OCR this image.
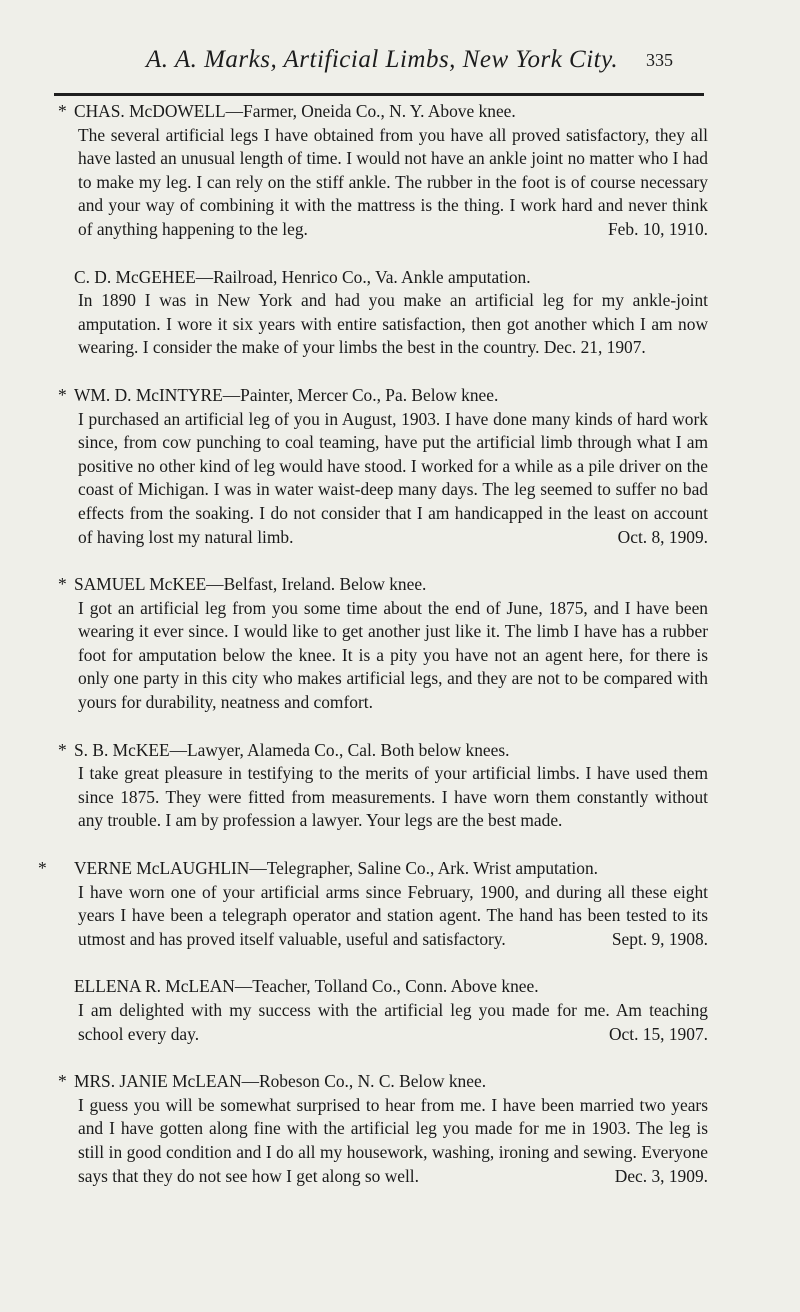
A. A. Marks, Artificial Limbs, New York City. 335
* CHAS. McDOWELL—Farmer, Oneida Co., N. Y. Above knee.
The several artificial legs I have obtained from you have all proved satisfactory, they all have lasted an unusual length of time. I would not have an ankle joint no matter who I had to make my leg. I can rely on the stiff ankle. The rubber in the foot is of course necessary and your way of combining it with the mattress is the thing. I work hard and never think of anything happening to the leg.	Feb. 10, 1910.
C. D. McGEHEE—Railroad, Henrico Co., Va. Ankle amputation.
In 1890 I was in New York and had you make an artificial leg for my ankle-joint amputation. I wore it six years with entire satisfaction, then got another which I am now wearing. I consider the make of your limbs the best in the country. Dec. 21, 1907.
* WM. D. McINTYRE—Painter, Mercer Co., Pa. Below knee.
I purchased an artificial leg of you in August, 1903. I have done many kinds of hard work since, from cow punching to coal teaming, have put the artificial limb through what I am positive no other kind of leg would have stood. I worked for a while as a pile driver on the coast of Michigan. I was in water waist-deep many days. The leg seemed to suffer no bad effects from the soaking. I do not consider that I am handicapped in the least on account of having lost my natural limb.	Oct. 8, 1909.
* SAMUEL McKEE—Belfast, Ireland. Below knee.
I got an artificial leg from you some time about the end of June, 1875, and I have been wearing it ever since. I would like to get another just like it. The limb I have has a rubber foot for amputation below the knee. It is a pity you have not an agent here, for there is only one party in this city who makes artificial legs, and they are not to be compared with yours for durability, neatness and comfort.
* S. B. McKEE—Lawyer, Alameda Co., Cal. Both below knees.
I take great pleasure in testifying to the merits of your artificial limbs. I have used them since 1875. They were fitted from measurements. I have worn them constantly without any trouble. I am by profession a lawyer. Your legs are the best made.
* VERNE McLAUGHLIN—Telegrapher, Saline Co., Ark. Wrist amputation.
I have worn one of your artificial arms since February, 1900, and during all these eight years I have been a telegraph operator and station agent. The hand has been tested to its utmost and has proved itself valuable, useful and satisfactory.	Sept. 9, 1908.
ELLENA R. McLEAN—Teacher, Tolland Co., Conn. Above knee.
I am delighted with my success with the artificial leg you made for me. Am teaching school every day.	Oct. 15, 1907.
* MRS. JANIE McLEAN—Robeson Co., N. C. Below knee.
I guess you will be somewhat surprised to hear from me. I have been married two years and I have gotten along fine with the artificial leg you made for me in 1903. The leg is still in good condition and I do all my housework, washing, ironing and sewing. Everyone says that they do not see how I get along so well.	Dec. 3, 1909.
